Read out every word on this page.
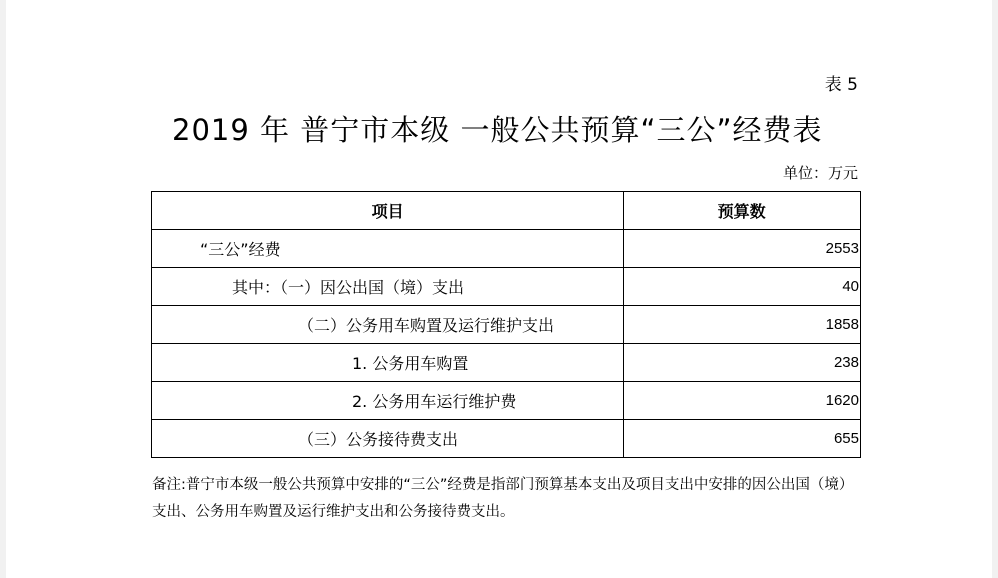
表 5
2019 年 普宁市本级 一般公共预算“三公”经费表
单位：万元
项目	预算数
“三公”经费	2553
其中：（一）因公出国（境）支出	40
（二）公务用车购置及运行维护支出	1858
1. 公务用车购置	238
2. 公务用车运行维护费	1620
（三）公务接待费支出	655
备注:普宁市本级一般公共预算中安排的“三公”经费是指部门预算基本支出及项目支出中安排的因公出国（境）支出、公务用车购置及运行维护支出和公务接待费支出。
